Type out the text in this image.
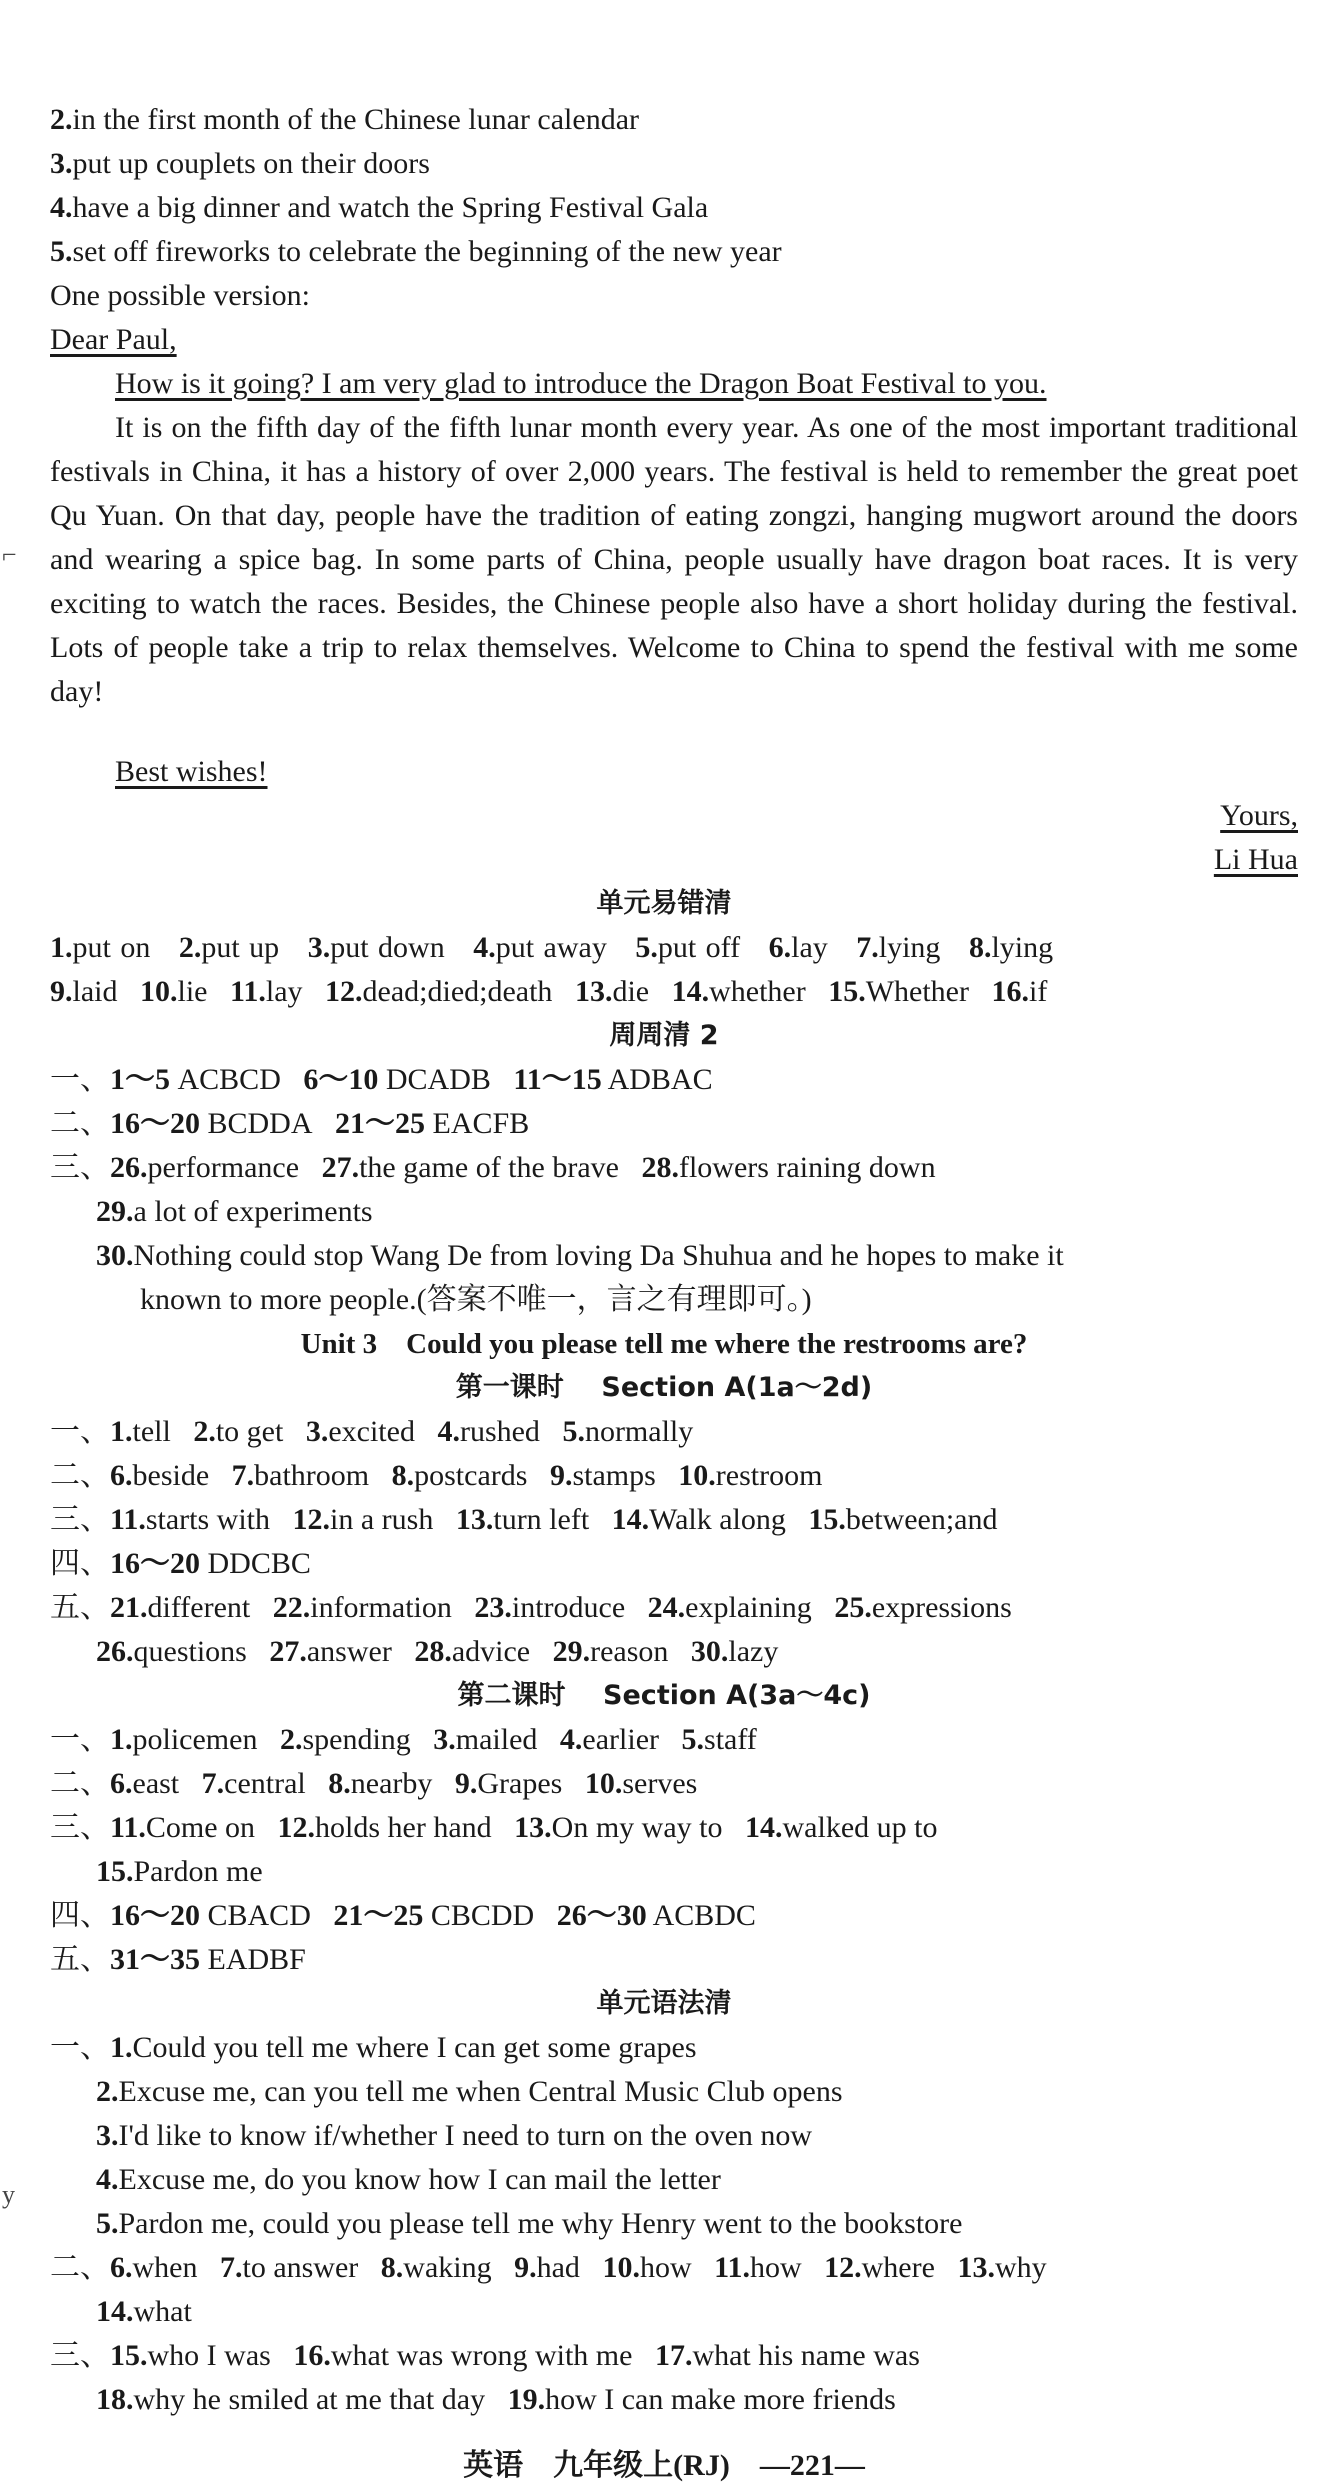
2.in the first month of the Chinese lunar calendar
3.put up couplets on their doors
4.have a big dinner and watch the Spring Festival Gala
5.set off fireworks to celebrate the beginning of the new year
One possible version:
Dear Paul,
How is it going? I am very glad to introduce the Dragon Boat Festival to you.
It is on the fifth day of the fifth lunar month every year. As one of the most important traditional festivals in China, it has a history of over 2,000 years. The festival is held to remember the great poet Qu Yuan. On that day, people have the tradition of eating zongzi, hanging mugwort around the doors and wearing a spice bag. In some parts of China, people usually have dragon boat races. It is very exciting to watch the races. Besides, the Chinese people also have a short holiday during the festival. Lots of people take a trip to relax themselves. Welcome to China to spend the festival with me some day!
Best wishes!
Yours,
Li Hua
单元易错清
1.put on 2.put up 3.put down 4.put away 5.put off 6.lay 7.lying 8.lying
9.laid 10.lie 11.lay 12.dead;died;death 13.die 14.whether 15.Whether 16.if
周周清 2
一、1～5 ACBCD 6～10 DCADB 11～15 ADBAC
二、16～20 BCDDA 21～25 EACFB
三、26.performance 27.the game of the brave 28.flowers raining down
29.a lot of experiments
30.Nothing could stop Wang De from loving Da Shuhua and he hopes to make it
known to more people.(答案不唯一，言之有理即可。)
Unit 3    Could you please tell me where the restrooms are?
第一课时    Section A(1a～2d)
一、1.tell 2.to get 3.excited 4.rushed 5.normally
二、6.beside 7.bathroom 8.postcards 9.stamps 10.restroom
三、11.starts with 12.in a rush 13.turn left 14.Walk along 15.between;and
四、16～20 DDCBC
五、21.different 22.information 23.introduce 24.explaining 25.expressions
26.questions 27.answer 28.advice 29.reason 30.lazy
第二课时    Section A(3a～4c)
一、1.policemen 2.spending 3.mailed 4.earlier 5.staff
二、6.east 7.central 8.nearby 9.Grapes 10.serves
三、11.Come on 12.holds her hand 13.On my way to 14.walked up to
15.Pardon me
四、16～20 CBACD 21～25 CBCDD 26～30 ACBDC
五、31～35 EADBF
单元语法清
一、1.Could you tell me where I can get some grapes
2.Excuse me, can you tell me when Central Music Club opens
3.I'd like to know if/whether I need to turn on the oven now
4.Excuse me, do you know how I can mail the letter
5.Pardon me, could you please tell me why Henry went to the bookstore
二、6.when 7.to answer 8.waking 9.had 10.how 11.how 12.where 13.why
14.what
三、15.who I was 16.what was wrong with me 17.what his name was
18.why he smiled at me that day 19.how I can make more friends
英语 九年级上(RJ) —221—
⌐
y
